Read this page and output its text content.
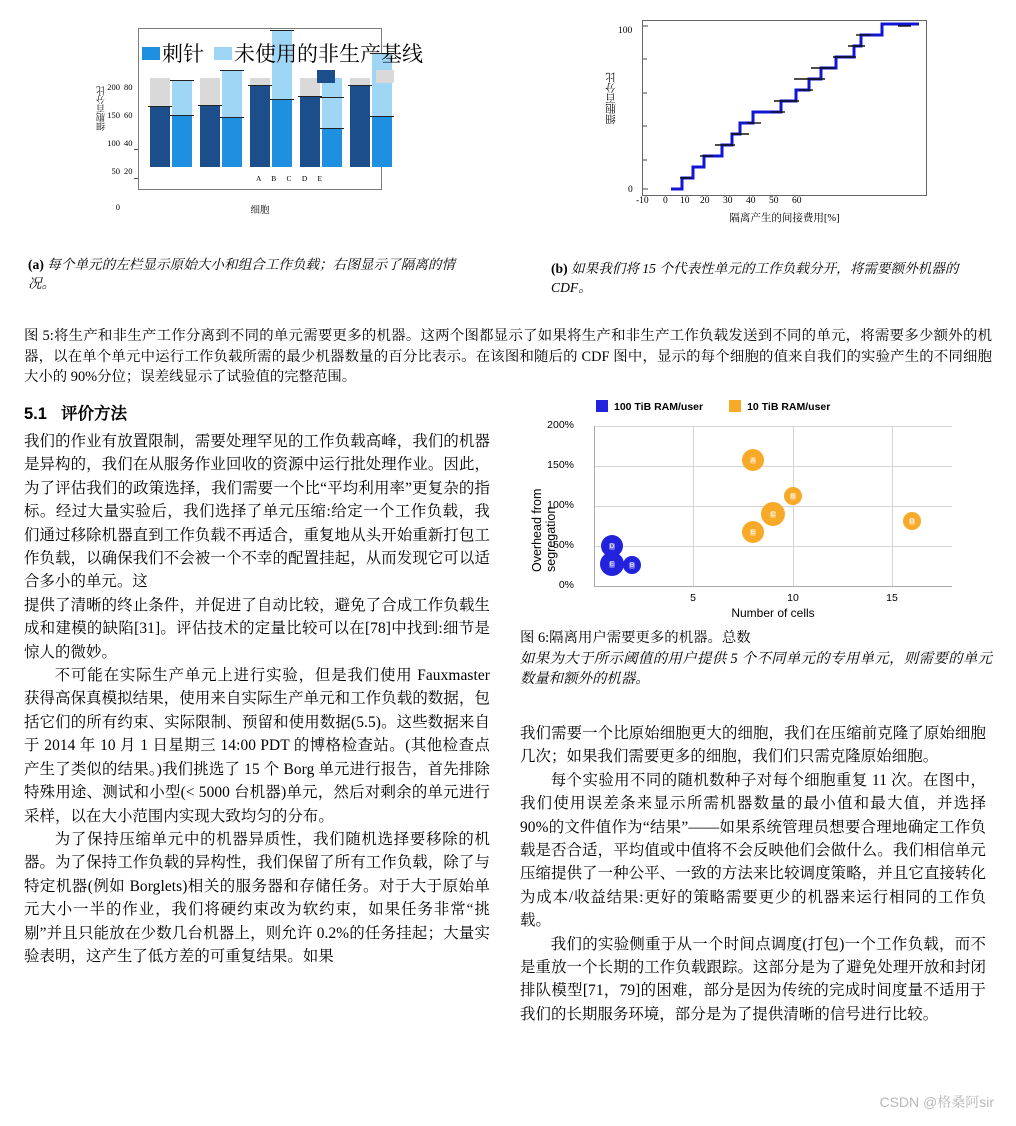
细胞百分比 200
150
100
50
0
80
60
40
20
A B C D E
细胞
刺针 未使用的非生产基线
细胞百分比
100
0
-10 0 10 20 30 40 50 60
隔离产生的间接费用[%]
(a) 每个单元的左栏显示原始大小和组合工作负载；右图显示了隔离的情况。
(b) 如果我们将 15 个代表性单元的工作负载分开，将需要额外机器的 CDF。
图 5:将生产和非生产工作分离到不同的单元需要更多的机器。这两个图都显示了如果将生产和非生产工作负载发送到不同的单元，将需要多少额外的机器，以在单个单元中运行工作负载所需的最少机器数量的百分比表示。在该图和随后的 CDF 图中，显示的每个细胞的值来自我们的实验产生的不同细胞大小的 90%分位；误差线显示了试验值的完整范围。
5.1 评价方法

我们的作业有放置限制，需要处理罕见的工作负载高峰，我们的机器是异构的，我们在从服务作业回收的资源中运行批处理作业。因此，为了评估我们的政策选择，我们需要一个比“平均利用率”更复杂的指标。经过大量实验后，我们选择了单元压缩:给定一个工作负载，我们通过移除机器直到工作负载不再适合，重复地从头开始重新打包工作负载，以确保我们不会被一个不幸的配置挂起，从而发现它可以适合多小的单元。这

提供了清晰的终止条件，并促进了自动比较，避免了合成工作负载生成和建模的缺陷[31]。评估技术的定量比较可以在[78]中找到:细节是惊人的微妙。

不可能在实际生产单元上进行实验，但是我们使用 Fauxmaster 获得高保真模拟结果，使用来自实际生产单元和工作负载的数据，包括它们的所有约束、实际限制、预留和使用数据(5.5)。这些数据来自于 2014 年 10 月 1 日星期三 14:00 PDT 的博格检查站。(其他检查点产生了类似的结果。)我们挑选了 15 个 Borg 单元进行报告，首先排除特殊用途、测试和小型(< 5000 台机器)单元，然后对剩余的单元进行采样，以在大小范围内实现大致均匀的分布。

为了保持压缩单元中的机器异质性，我们随机选择要移除的机器。为了保持工作负载的异构性，我们保留了所有工作负载，除了与特定机器(例如 Borglets)相关的服务器和存储任务。对于大于原始单元大小一半的作业，我们将硬约束改为软约束，如果任务非常“挑剔”并且只能放在少数几台机器上，则允许 0.2%的任务挂起；大量实验表明，这产生了低方差的可重复结果。如果

100 TiB RAM/user	10 TiB RAM/user
Overhead from segregation
200%
150%
100%
50%
0%
5	10	15
D
E B
A
B
C
E
D
Number of cells
图 6:隔离用户需要更多的机器。总数
如果为大于所示阈值的用户提供 5 个不同单元的专用单元，则需要的单元数量和额外的机器。

我们需要一个比原始细胞更大的细胞，我们在压缩前克隆了原始细胞几次；如果我们需要更多的细胞，我们们只需克隆原始细胞。

每个实验用不同的随机数种子对每个细胞重复 11 次。在图中，我们使用误差条来显示所需机器数量的最小值和最大值，并选择 90%的文件值作为“结果”——如果系统管理员想要合理地确定工作负载是否合适，平均值或中值将不会反映他们会做什么。我们相信单元压缩提供了一种公平、一致的方法来比较调度策略，并且它直接转化为成本/收益结果:更好的策略需要更少的机器来运行相同的工作负载。

我们的实验侧重于从一个时间点调度(打包)一个工作负载，而不是重放一个长期的工作负载跟踪。这部分是为了避免处理开放和封闭排队模型[71，79]的困难，部分是因为传统的完成时间度量不适用于我们的长期服务环境，部分是为了提供清晰的信号进行比较。

CSDN @格桑阿sir
